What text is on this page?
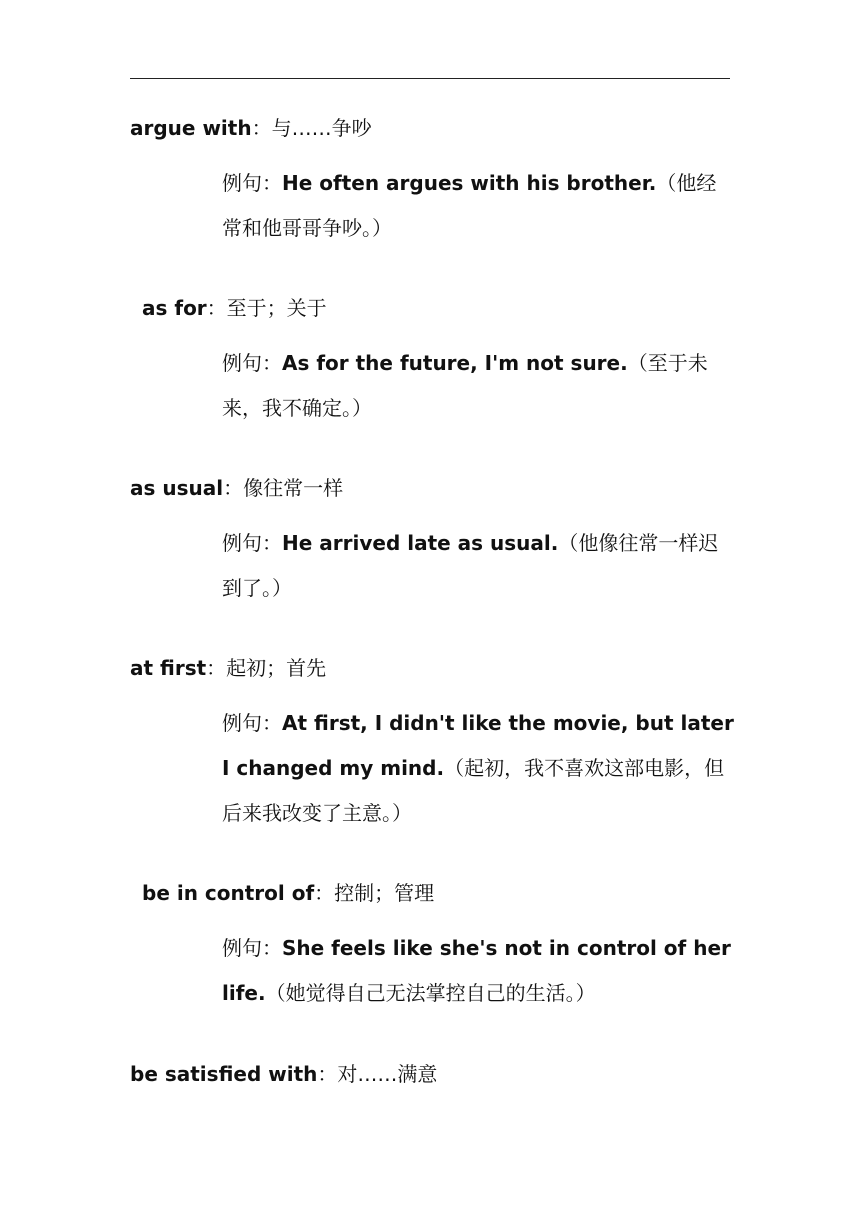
argue with：与……争吵
例句：He often argues with his brother.（他经常和他哥哥争吵。）
as for：至于；关于
例句：As for the future, I'm not sure.（至于未来，我不确定。）
as usual：像往常一样
例句：He arrived late as usual.（他像往常一样迟到了。）
at first：起初；首先
例句：At first, I didn't like the movie, but later I changed my mind.（起初，我不喜欢这部电影，但后来我改变了主意。）
be in control of：控制；管理
例句：She feels like she's not in control of her life.（她觉得自己无法掌控自己的生活。）
be satisfied with：对……满意
